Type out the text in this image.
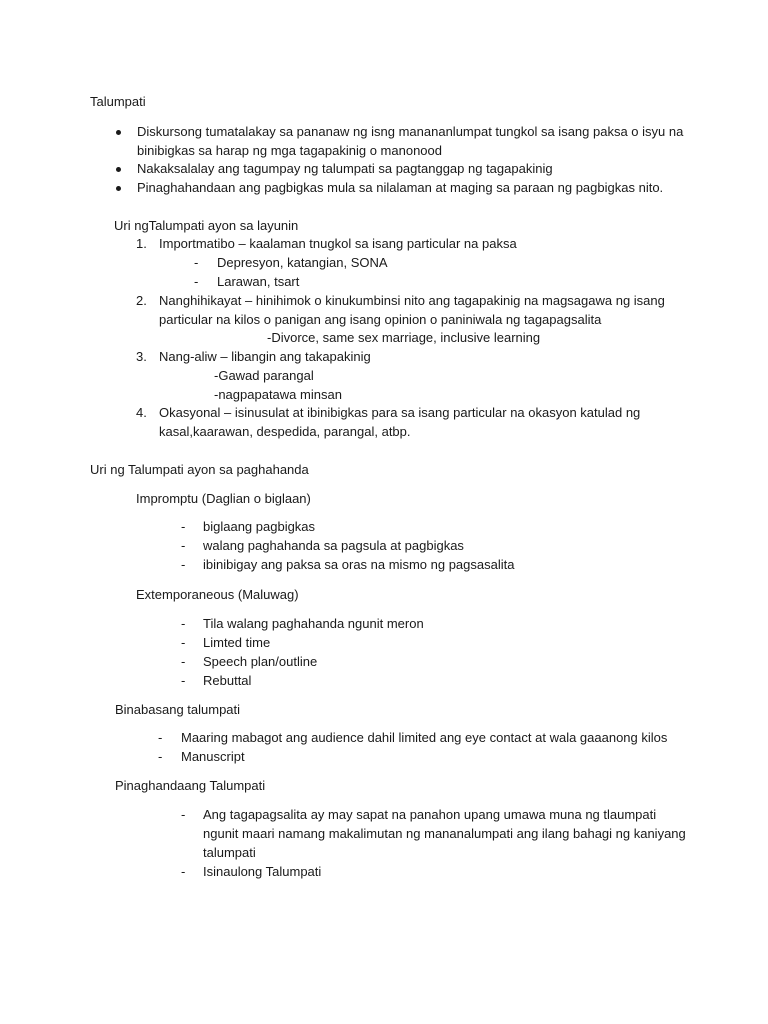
Talumpati
Diskursong tumatalakay sa pananaw ng isng manananlumpat tungkol sa isang paksa o isyu na
binibigkas sa harap ng mga tagapakinig o manonood
Nakaksalalay ang tagumpay ng talumpati sa pagtanggap ng tagapakinig
Pinaghahandaan ang pagbigkas mula sa nilalaman at maging sa paraan ng pagbigkas nito.
Uri ngTalumpati ayon sa layunin
1. Importmatibo – kaalaman tnugkol sa isang particular na paksa
- Depresyon, katangian, SONA
- Larawan, tsart
2. Nanghihikayat – hinihimok o kinukumbinsi nito ang tagapakinig na magsagawa ng isang
particular na kilos o panigan ang isang opinion o paniniwala ng tagapagsalita
-Divorce, same sex marriage, inclusive learning
3. Nang-aliw – libangin ang takapakinig
-Gawad parangal
-nagpapatawa minsan
4. Okasyonal – isinusulat at ibinibigkas para sa isang particular na okasyon katulad ng
kasal,kaarawan, despedida, parangal, atbp.
Uri ng Talumpati ayon sa paghahanda
Impromptu (Daglian o biglaan)
- biglaang pagbigkas
- walang paghahanda sa pagsula at pagbigkas
- ibinibigay ang paksa sa oras na mismo ng pagsasalita
Extemporaneous (Maluwag)
- Tila walang paghahanda ngunit meron
- Limted time
- Speech plan/outline
- Rebuttal
Binabasang talumpati
- Maaring mabagot ang audience dahil limited ang eye contact at wala gaaanong kilos
- Manuscript
Pinaghandaang Talumpati
- Ang tagapagsalita ay may sapat na panahon upang umawa muna ng tlaumpati
ngunit maari namang makalimutan ng mananalumpati ang ilang bahagi ng kaniyang
talumpati
- Isinaulong Talumpati
